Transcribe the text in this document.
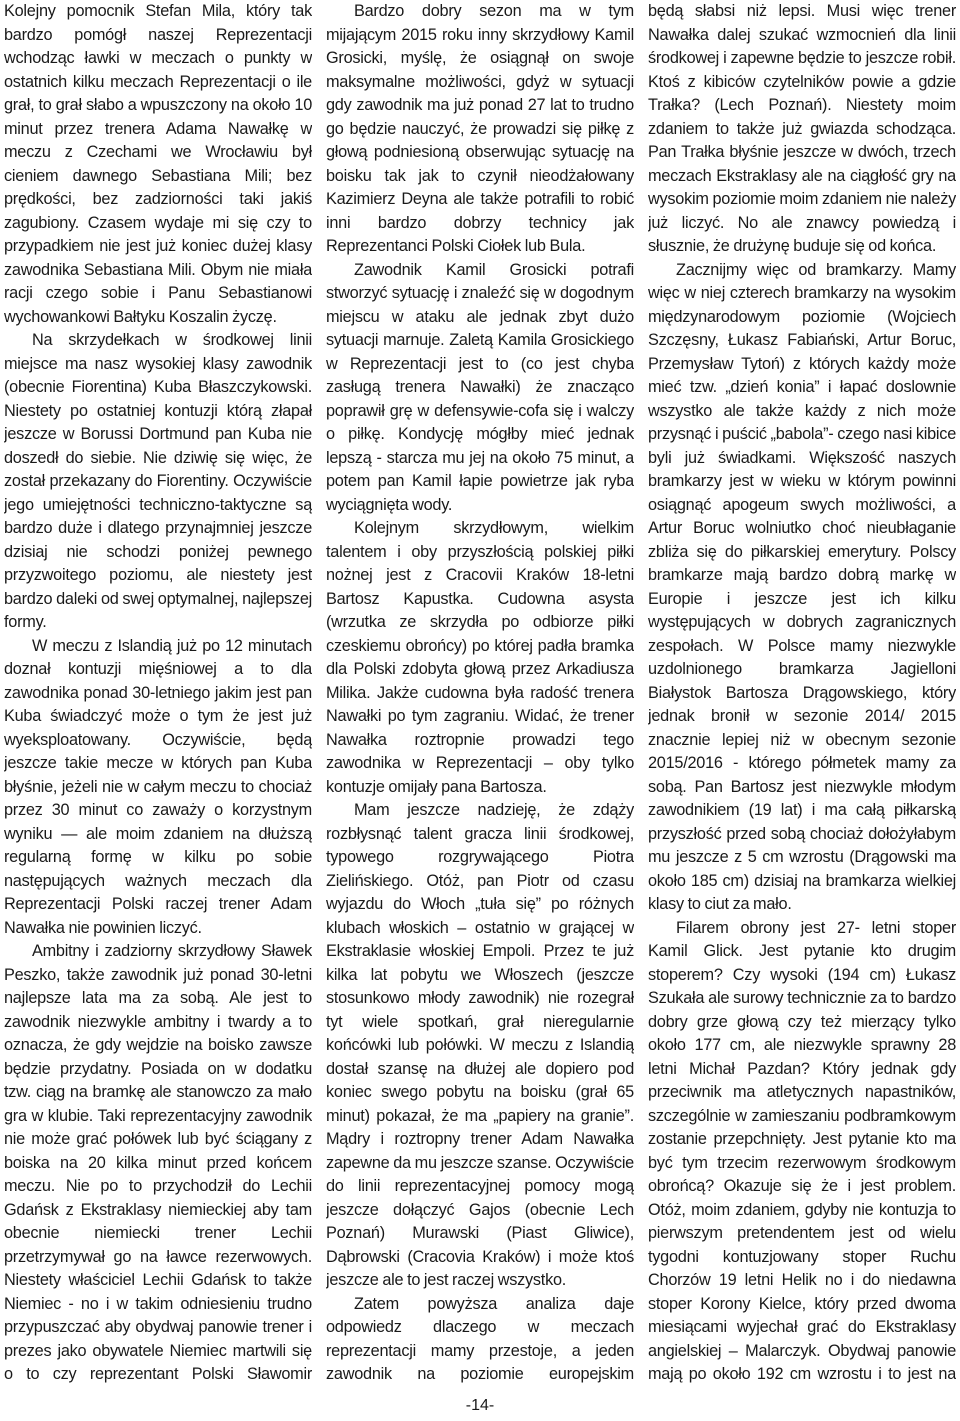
Kolejny pomocnik Stefan Mila, który tak bardzo pomógł naszej Reprezentacji wchodząc ławki w meczach o punkty w ostatnich kilku meczach Reprezentacji o ile grał, to grał słabo a wpuszczony na około 10 minut przez trenera Adama Nawałkę w meczu z Czechami we Wrocławiu był cieniem dawnego Sebastiana Mili; bez prędkości, bez zadziorności taki jakiś zagubiony. Czasem wydaje mi się czy to przypadkiem nie jest już koniec dużej klasy zawodnika Sebastiana Mili. Obym nie miała racji czego sobie i Panu Sebastianowi wychowankowi Bałtyku Koszalin życzę.

Na skrzydełkach w środkowej linii miejsce ma nasz wysokiej klasy zawodnik (obecnie Fiorentina) Kuba Błaszczykowski. Niestety po ostatniej kontuzji którą złapał jeszcze w Borussi Dortmund pan Kuba nie doszedł do siebie. Nie dziwię się więc, że został przekazany do Fiorentiny. Oczywiście jego umiejętności techniczno-taktyczne są bardzo duże i dlatego przynajmniej jeszcze dzisiaj nie schodzi poniżej pewnego przyzwoitego poziomu, ale niestety jest bardzo daleki od swej optymalnej, najlepszej formy.

W meczu z Islandią już po 12 minutach doznał kontuzji mięśniowej a to dla zawodnika ponad 30-letniego jakim jest pan Kuba świadczyć może o tym że jest już wyeksploatowany. Oczywiście, będą jeszcze takie mecze w których pan Kuba błyśnie, jeżeli nie w całym meczu to chociaż przez 30 minut co zaważy o korzystnym wyniku — ale moim zdaniem na dłuższą regularną formę w kilku po sobie następujących ważnych meczach dla Reprezentacji Polski raczej trener Adam Nawałka nie powinien liczyć.

Ambitny i zadziorny skrzydłowy Sławek Peszko, także zawodnik już ponad 30-letni najlepsze lata ma za sobą. Ale jest to zawodnik niezwykle ambitny i twardy a to oznacza, że gdy wejdzie na boisko zawsze będzie przydatny. Posiada on w dodatku tzw. ciąg na bramkę ale stanowczo za mało gra w klubie. Taki reprezentacyjny zawodnik nie może grać połówek lub być ściągany z boiska na 20 kilka minut przed końcem meczu. Nie po to przychodził do Lechii Gdańsk z Ekstraklasy niemieckiej aby tam obecnie niemiecki trener Lechii przetrzymywał go na ławce rezerwowych. Niestety właściciel Lechii Gdańsk to także Niemiec - no i w takim odniesieniu trudno przypuszczać aby obydwaj panowie trener i prezes jako obywatele Niemiec martwili się o to czy reprezentant Polski Sławomir

Bardzo dobry sezon ma w tym mijającym 2015 roku inny skrzydłowy Kamil Grosicki, myślę, że osiągnął on swoje maksymalne możliwości, gdyż w sytuacji gdy zawodnik ma już ponad 27 lat to trudno go będzie nauczyć, że prowadzi się piłkę z głową podniesioną obserwując sytuację na boisku tak jak to czynił nieodżałowany Kazimierz Deyna ale także potrafili to robić inni bardzo dobrzy technicy jak Reprezentanci Polski Ciołek lub Bula.

Zawodnik Kamil Grosicki potrafi stworzyć sytuację i znaleźć się w dogodnym miejscu w ataku ale jednak zbyt dużo sytuacji marnuje. Zaletą Kamila Grosickiego w Reprezentacji jest to (co jest chyba zasługą trenera Nawałki) że znacząco poprawił grę w defensywie-cofa się i walczy o piłkę. Kondycję mógłby mieć jednak lepszą - starcza mu jej na około 75 minut, a potem pan Kamil łapie powietrze jak ryba wyciągnięta wody.

Kolejnym skrzydłowym, wielkim talentem i oby przyszłością polskiej piłki nożnej jest z Cracovii Kraków 18-letni Bartosz Kapustka. Cudowna asysta (wrzutka ze skrzydła po odbiorze piłki czeskiemu obrońcy) po której padła bramka dla Polski zdobyta głową przez Arkadiusza Milika. Jakże cudowna była radość trenera Nawałki po tym zagraniu. Widać, że trener Nawałka roztropnie prowadzi tego zawodnika w Reprezentacji – oby tylko kontuzje omijały pana Bartosza.

Mam jeszcze nadzieję, że zdąży rozbłysnąć talent gracza linii środkowej, typowego rozgrywającego Piotra Zielińskiego. Otóż, pan Piotr od czasu wyjazdu do Włoch „tuła się” po różnych klubach włoskich – ostatnio w grającej w Ekstraklasie włoskiej Empoli. Przez te już kilka lat pobytu we Włoszech (jeszcze stosunkowo młody zawodnik) nie rozegrał tyt wiele spotkań, grał nieregularnie końcówki lub połówki. W meczu z Islandią dostał szansę na dłużej ale dopiero pod koniec swego pobytu na boisku (grał 65 minut) pokazał, że ma „papiery na granie”. Mądry i roztropny trener Adam Nawałka zapewne da mu jeszcze szanse. Oczywiście do linii reprezentacyjnej pomocy mogą jeszcze dołączyć Gajos (obecnie Lech Poznań) Murawski (Piast Gliwice), Dąbrowski (Cracovia Kraków) i może ktoś jeszcze ale to jest raczej wszystko.

Zatem powyższa analiza daje odpowiedz dlaczego w meczach reprezentacji mamy przestoje, a jeden zawodnik na poziomie europejskim

będą słabsi niż lepsi. Musi więc trener Nawałka dalej szukać wzmocnień dla linii środkowej i zapewne będzie to jeszcze robił. Ktoś z kibiców czytelników powie a gdzie Trałka? (Lech Poznań). Niestety moim zdaniem to także już gwiazda schodząca. Pan Trałka błyśnie jeszcze w dwóch, trzech meczach Ekstraklasy ale na ciągłość gry na wysokim poziomie moim zdaniem nie należy już liczyć. No ale znawcy powiedzą i słusznie, że drużynę buduje się od końca.

Zacznijmy więc od bramkarzy. Mamy więc w niej czterech bramkarzy na wysokim międzynarodowym poziomie (Wojciech Szczęsny, Łukasz Fabiański, Artur Boruc, Przemysław Tytoń) z których każdy może mieć tzw. „dzień konia” i łapać doslownie wszystko ale także każdy z nich może przysnąć i puścić „babola”- czego nasi kibice byli już świadkami. Większość naszych bramkarzy jest w wieku w którym powinni osiągnąć apogeum swych możliwości, a Artur Boruc wolniutko choć nieubłaganie zbliża się do piłkarskiej emerytury. Polscy bramkarze mają bardzo dobrą markę w Europie i jeszcze jest ich kilku występujących w dobrych zagranicznych zespołach. W Polsce mamy niezwykle uzdolnionego bramkarza Jagielloni Białystok Bartosza Drągowskiego, który jednak bronił w sezonie 2014/ 2015 znacznie lepiej niż w obecnym sezonie 2015/2016 - którego półmetek mamy za sobą. Pan Bartosz jest niezwykle młodym zawodnikiem (19 lat) i ma całą piłkarską przyszłość przed sobą chociaż dołożyłabym mu jeszcze z 5 cm wzrostu (Drągowski ma około 185 cm) dzisiaj na bramkarza wielkiej klasy to ciut za mało.

Filarem obrony jest 27- letni stoper Kamil Glick. Jest pytanie kto drugim stoperem? Czy wysoki (194 cm) Łukasz Szukała ale surowy technicznie za to bardzo dobry grze głową czy też mierzący tylko około 177 cm, ale niezwykle sprawny 28 letni Michał Pazdan? Który jednak gdy przeciwnik ma atletycznych napastników, szczególnie w zamieszaniu podbramkowym zostanie przepchnięty. Jest pytanie kto ma być tym trzecim rezerwowym środkowym obrońcą? Okazuje się że i jest problem. Otóż, moim zdaniem, gdyby nie kontuzja to pierwszym pretendentem jest od wielu tygodni kontuzjowany stoper Ruchu Chorzów 19 letni Helik no i do niedawna stoper Korony Kielce, który przed dwoma miesiącami wyjechał grać do Ekstraklasy angielskiej – Malarczyk. Obydwaj panowie mają po około 192 cm wzrostu i to jest na

-14-
